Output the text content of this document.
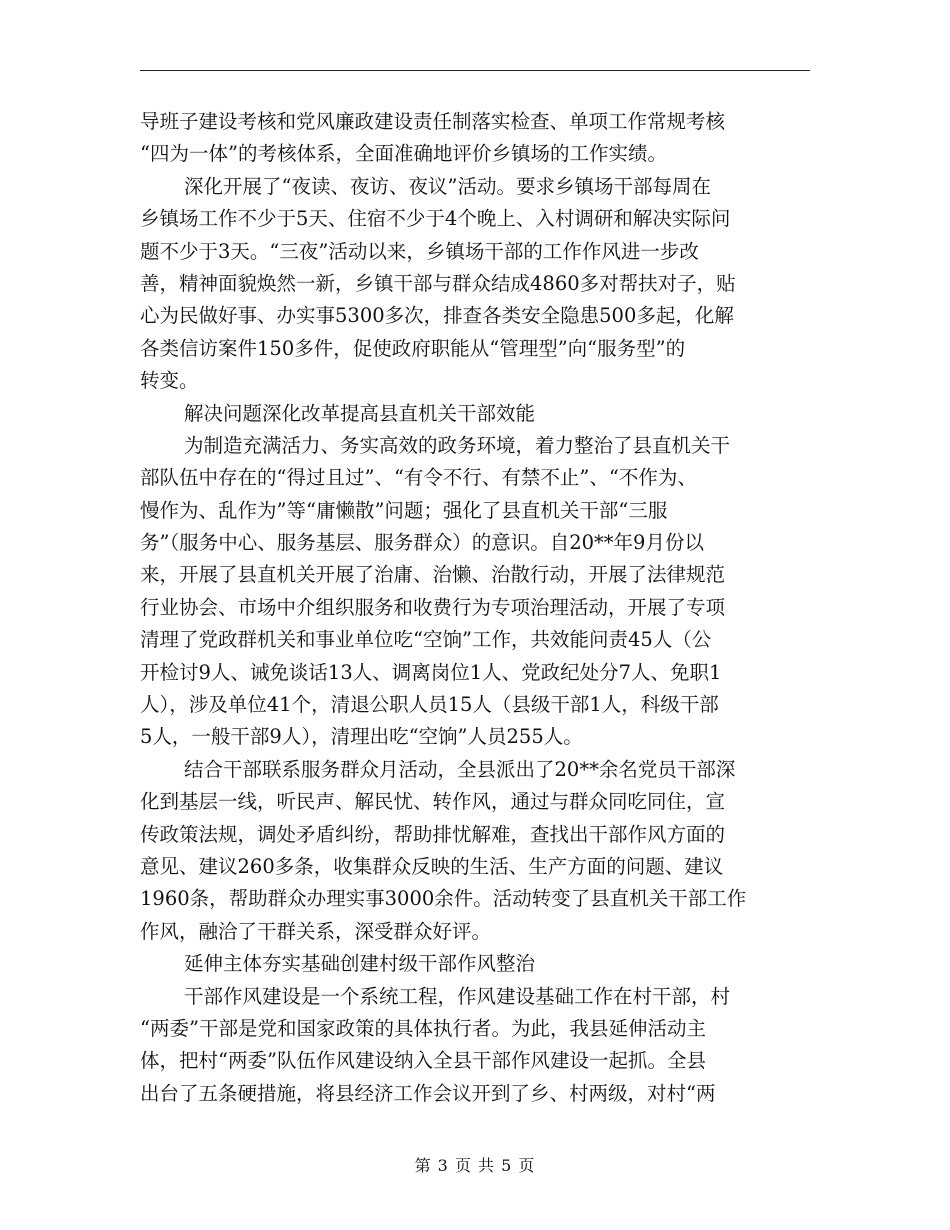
导班子建设考核和党风廉政建设责任制落实检查、单项工作常规考核
“四为一体”的考核体系，全面准确地评价乡镇场的工作实绩。
深化开展了“夜读、夜访、夜议”活动。要求乡镇场干部每周在
乡镇场工作不少于5天、住宿不少于4个晚上、入村调研和解决实际问
题不少于3天。“三夜”活动以来，乡镇场干部的工作作风进一步改
善，精神面貌焕然一新，乡镇干部与群众结成4860多对帮扶对子，贴
心为民做好事、办实事5300多次，排查各类安全隐患500多起，化解
各类信访案件150多件，促使政府职能从“管理型”向“服务型”的
转变。
解决问题深化改革提高县直机关干部效能
为制造充满活力、务实高效的政务环境，着力整治了县直机关干
部队伍中存在的“得过且过”、“有令不行、有禁不止”、“不作为、
慢作为、乱作为”等“庸懒散”问题；强化了县直机关干部“三服
务”（服务中心、服务基层、服务群众）的意识。自20**年9月份以
来，开展了县直机关开展了治庸、治懒、治散行动，开展了法律规范
行业协会、市场中介组织服务和收费行为专项治理活动，开展了专项
清理了党政群机关和事业单位吃“空饷”工作，共效能问责45人（公
开检讨9人、诫免谈话13人、调离岗位1人、党政纪处分7人、免职1
人），涉及单位41个，清退公职人员15人（县级干部1人，科级干部
5人，一般干部9人），清理出吃“空饷”人员255人。
结合干部联系服务群众月活动，全县派出了20**余名党员干部深
化到基层一线，听民声、解民忧、转作风，通过与群众同吃同住，宣
传政策法规，调处矛盾纠纷，帮助排忧解难，查找出干部作风方面的
意见、建议260多条，收集群众反映的生活、生产方面的问题、建议
1960条，帮助群众办理实事3000余件。活动转变了县直机关干部工作
作风，融洽了干群关系，深受群众好评。
延伸主体夯实基础创建村级干部作风整治
干部作风建设是一个系统工程，作风建设基础工作在村干部，村
“两委”干部是党和国家政策的具体执行者。为此，我县延伸活动主
体，把村“两委”队伍作风建设纳入全县干部作风建设一起抓。全县
出台了五条硬措施，将县经济工作会议开到了乡、村两级，对村“两
第 3 页 共 5 页
